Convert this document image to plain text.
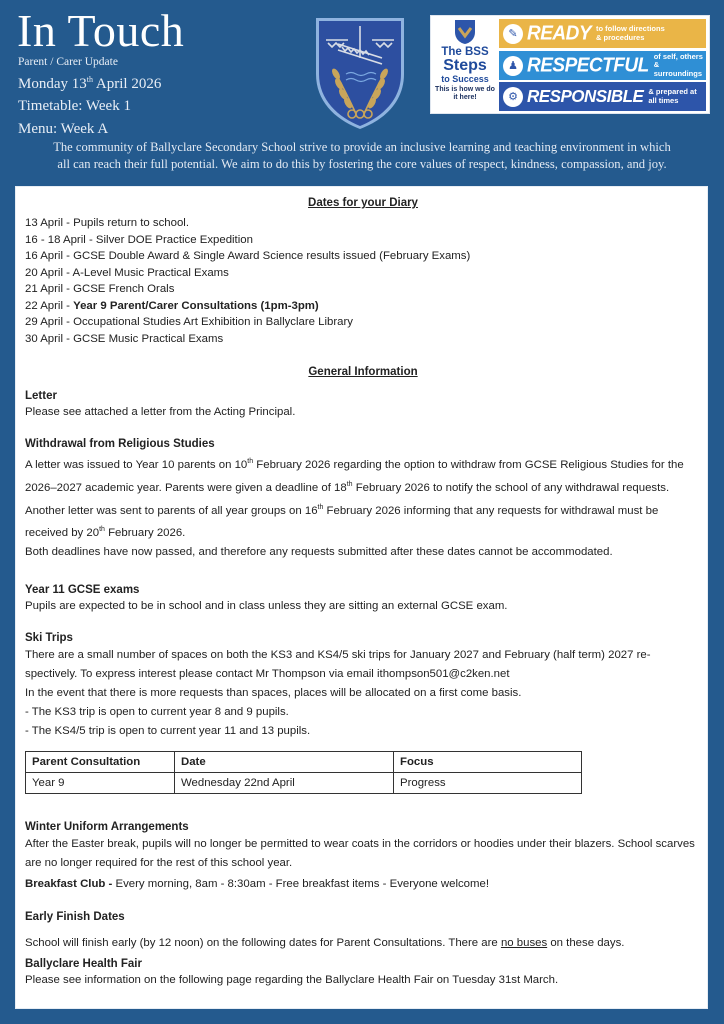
In Touch
Parent / Carer Update
Monday 13th April 2026
Timetable: Week 1
Menu: Week A
The BSS
Steps
to Success
This is how we do it here!
✎ READY to follow directions
& procedures
♟ RESPECTFUL of self, others
& surroundings
⚙ RESPONSIBLE & prepared at
all times
The community of Ballyclare Secondary School strive to provide an inclusive learning and teaching environment in which
all can reach their full potential. We aim to do this by fostering the core values of respect, kindness, compassion, and joy.
Dates for your Diary
13 April - Pupils return to school.
16 - 18 April - Silver DOE Practice Expedition
16 April - GCSE Double Award & Single Award Science results issued (February Exams)
20 April - A-Level Music Practical Exams
21 April - GCSE French Orals
22 April - Year 9 Parent/Carer Consultations (1pm-3pm)
29 April - Occupational Studies Art Exhibition in Ballyclare Library
30 April - GCSE Music Practical Exams
General Information
Letter

Please see attached a letter from the Acting Principal.

Withdrawal from Religious Studies

A letter was issued to Year 10 parents on 10th February 2026 regarding the option to withdraw from GCSE Religious Studies for the 2026–2027 academic year. Parents were given a deadline of 18th February 2026 to notify the school of any withdrawal requests.

Another letter was sent to parents of all year groups on 16th February 2026 informing that any requests for withdrawal must be received by 20th February 2026.

Both deadlines have now passed, and therefore any requests submitted after these dates cannot be accommodated.

Year 11 GCSE exams

Pupils are expected to be in school and in class unless they are sitting an external GCSE exam.

Ski Trips

There are a small number of spaces on both the KS3 and KS4/5 ski trips for January 2027 and February (half term) 2027 re-spectively. To express interest please contact Mr Thompson via email ithompson501@c2ken.net

In the event that there is more requests than spaces, places will be allocated on a first come basis.

- The KS3 trip is open to current year 8 and 9 pupils.

- The KS4/5 trip is open to current year 11 and 13 pupils.

Parent Consultation	Date	Focus
Year 9	Wednesday 22nd April	Progress
Winter Uniform Arrangements

After the Easter break, pupils will no longer be permitted to wear coats in the corridors or hoodies under their blazers. School scarves are no longer required for the rest of this school year.

Breakfast Club - Every morning, 8am - 8:30am - Free breakfast items - Everyone welcome!

Early Finish Dates

School will finish early (by 12 noon) on the following dates for Parent Consultations. There are no buses on these days.

Ballyclare Health Fair

Please see information on the following page regarding the Ballyclare Health Fair on Tuesday 31st March.
